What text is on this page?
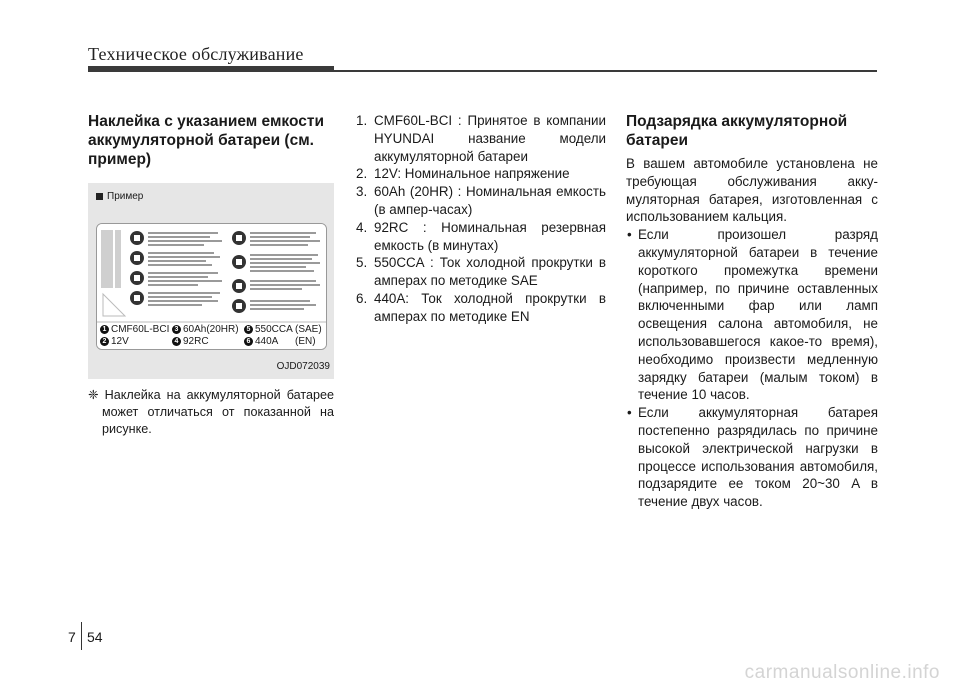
Техническое обслуживание
Наклейка с указанием емкости аккумуляторной батареи (см. пример)
Пример
1 CMF60L-BCI 3 60Ah(20HR)	5 550CCA (SAE)
2 12V	4 92RC	6 440A (EN)
OJD072039
❈ Наклейка на аккумуляторной батарее может отличаться от показанной на рисунке.
1. CMF60L-BCI : Принятое в компании HYUNDAI название модели аккумуляторной батареи
2. 12V: Номинальное напряжение
3. 60Ah (20HR) : Номинальная емкость (в ампер-часах)
4. 92RC : Номинальная резервная емкость (в минутах)
5. 550CCA : Ток холодной прокрутки в амперах по методике SAE
6. 440A: Ток холодной прокрутки в амперах по методике EN
Подзарядка аккумуляторной батареи
В вашем автомобиле установлена не требующая обслуживания акку- муляторная батарея, изготовленная с использованием кальция.
• Если произошел разряд аккумуляторной батареи в течение короткого промежутка времени (например, по причине оставленных включенными фар или ламп освещения салона автомобиля, не использовавшегося какое-то время), необходимо произвести медленную зарядку батареи (малым током) в течение 10 часов.
• Если аккумуляторная батарея постепенно разрядилась по причине высокой электрической нагрузки в процессе использования автомобиля, подзарядите ее током 20~30 A в течение двух часов.
7 54
carmanualsonline.info
